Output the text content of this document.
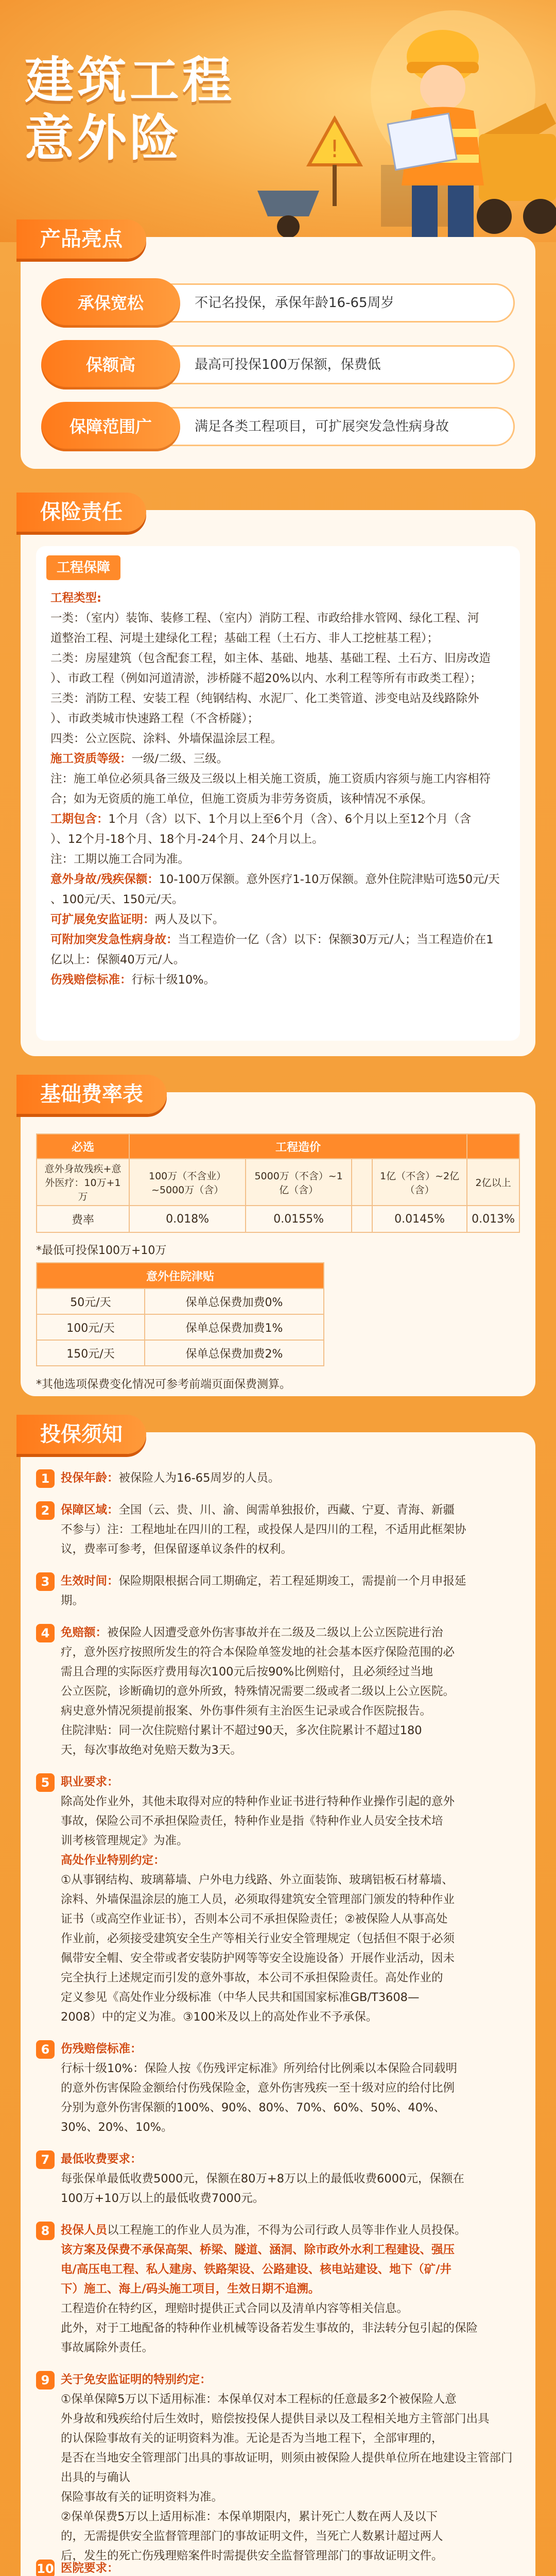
!
建筑工程
意外险
产品亮点
不记名投保，承保年龄16-65周岁
承保宽松
最高可投保100万保额，保费低
保额高
满足各类工程项目，可扩展突发急性病身故
保障范围广
保险责任
工程保障
工程类型:
一类：（室内）装饰、装修工程、（室内）消防工程、市政给排水管网、绿化工程、河
道整治工程、河堤土建绿化工程；基础工程（土石方、非人工挖桩基工程）；
二类：房屋建筑（包含配套工程，如主体、基础、地基、基础工程、土石方、旧房改造
）、市政工程（例如河道清淤，涉桥隧不超20%以内、水利工程等所有市政类工程）；
三类：消防工程、安装工程（纯钢结构、水泥厂、化工类管道、涉变电站及线路除外
）、市政类城市快速路工程（不含桥隧）；
四类：公立医院、涂料、外墙保温涂层工程。
施工资质等级：一级/二级、三级。
注：施工单位必须具备三级及三级以上相关施工资质，施工资质内容须与施工内容相符
合；如为无资质的施工单位，但施工资质为非劳务资质，该种情况不承保。
工期包含：1个月（含）以下、1个月以上至6个月（含）、6个月以上至12个月（含
）、12个月-18个月、18个月-24个月、24个月以上。
注：工期以施工合同为准。
意外身故/残疾保额：10-100万保额。意外医疗1-10万保额。意外住院津贴可选50元/天
、100元/天、150元/天。
可扩展免安监证明：两人及以下。
可附加突发急性病身故：当工程造价一亿（含）以下：保额30万元/人；当工程造价在1
亿以上：保额40万元/人。
伤残赔偿标准：行标十级10%。
基础费率表
必选	工程造价				
意外身故残疾+意外医疗：10万+1万	100万（不含业）~5000万（含）	5000万（不含）~1亿（含）		1亿（不含）~2亿（含）	2亿以上
费率	0.018%	0.0155%		0.0145%	0.013%
*最低可投保100万+10万
意外住院津贴	
50元/天	保单总保费加费0%
100元/天	保单总保费加费1%
150元/天	保单总保费加费2%
*其他选项保费变化情况可参考前端页面保费测算。
投保须知
1 投保年龄：被保险人为16-65周岁的人员。
2 保障区域：全国（云、贵、川、渝、闽需单独报价，西藏、宁夏、青海、新疆
不参与）注：工程地址在四川的工程，或投保人是四川的工程，不适用此框架协
议，费率可参考，但保留逐单议条件的权利。
3 生效时间：保险期限根据合同工期确定，若工程延期竣工，需提前一个月申报延
期。
4 免赔额：被保险人因遭受意外伤害事故并在二级及二级以上公立医院进行治
疗，意外医疗按照所发生的符合本保险单签发地的社会基本医疗保险范围的必
需且合理的实际医疗费用每次100元后按90%比例赔付，且必须经过当地
公立医院，诊断确切的意外所致，特殊情况需要二级或者二级以上公立医院。
病史意外情况须提前报案、外伤事件须有主治医生记录或合作医院报告。
住院津贴：同一次住院赔付累计不超过90天，多次住院累计不超过180
天，每次事故绝对免赔天数为3天。
5 职业要求：
除高处作业外，其他未取得对应的特种作业证书进行特种作业操作引起的意外
事故，保险公司不承担保险责任，特种作业是指《特种作业人员安全技术培
训考核管理规定》为准。
高处作业特别约定：
①从事钢结构、玻璃幕墙、户外电力线路、外立面装饰、玻璃铝板石材幕墙、
涂料、外墙保温涂层的施工人员，必须取得建筑安全管理部门颁发的特种作业
证书（或高空作业证书），否则本公司不承担保险责任；②被保险人从事高处
作业前，必须接受建筑安全生产等相关行业安全管理规定（包括但不限于必须
佩带安全帽、安全带或者安装防护网等等安全设施设备）开展作业活动，因未
完全执行上述规定而引发的意外事故，本公司不承担保险责任。高处作业的
定义参见《高处作业分级标准（中华人民共和国国家标准GB/T3608—
2008）中的定义为准。③100米及以上的高处作业不予承保。
6 伤残赔偿标准：
行标十级10%：保险人按《伤残评定标准》所列给付比例乘以本保险合同载明
的意外伤害保险金额给付伤残保险金，意外伤害残疾一至十级对应的给付比例
分别为意外伤害保额的100%、90%、80%、70%、60%、50%、40%、
30%、20%、10%。
7 最低收费要求：
每张保单最低收费5000元，保额在80万+8万以上的最低收费6000元，保额在
100万+10万以上的最低收费7000元。
8 投保人员以工程施工的作业人员为准，不得为公司行政人员等非作业人员投保。
该方案及保费不承保高架、桥梁、隧道、涵洞、除市政外水利工程建设、强压
电/高压电工程、私人建房、铁路架设、公路建设、核电站建设、地下（矿/井
下）施工、海上/码头施工项目，生效日期不追溯。
工程造价在特约区，理赔时提供正式合同以及清单内容等相关信息。
此外，对于工地配备的特种作业机械等设备若发生事故的，非法转分包引起的保险
事故属除外责任。
9 关于免安监证明的特别约定：
①保单保障5万以下适用标准：本保单仅对本工程标的任意最多2个被保险人意
外身故和残疾给付后生效时，赔偿按投保人提供目录以及工程相关地方主管部门出具
的认保险事故有关的证明资料为准。无论是否为当地工程下，全部审理的，
是否在当地安全管理部门出具的事故证明，则须由被保险人提供单位所在地建设主管部门出具的与确认
保险事故有关的证明资料为准。
②保单保费5万以上适用标准：本保单期限内，累计死亡人数在两人及以下
的，无需提供安全监督管理部门的事故证明文件，当死亡人数累计超过两人
后，发生的死亡伤残理赔案件时需提供安全监督管理部门的事故证明文件。
10 医院要求：
